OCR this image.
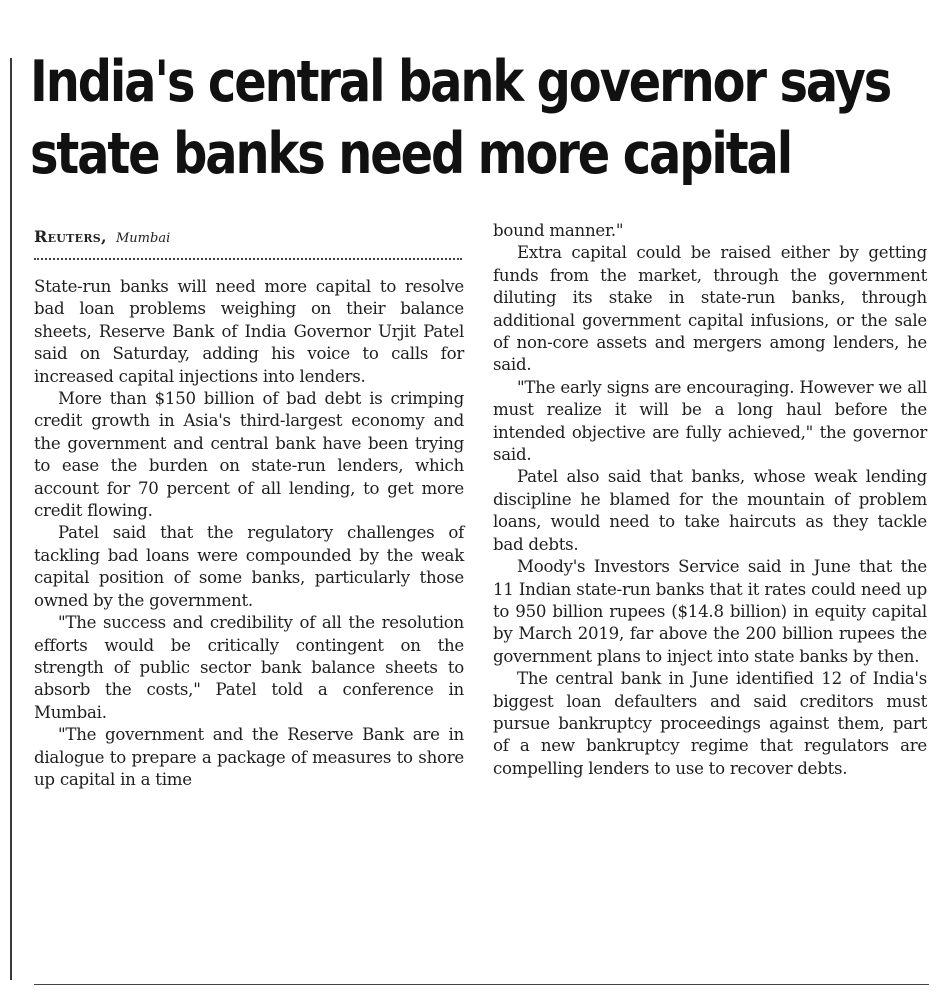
India's central bank governor says state banks need more capital
Reuters, Mumbai

State-run banks will need more capital to resolve bad loan problems weighing on their balance sheets, Reserve Bank of India Governor Urjit Patel said on Saturday, adding his voice to calls for increased capital injections into lenders.

More than $150 billion of bad debt is crimping credit growth in Asia's third-largest economy and the government and central bank have been trying to ease the burden on state-run lenders, which account for 70 percent of all lending, to get more credit flowing.

Patel said that the regulatory challenges of tackling bad loans were compounded by the weak capital position of some banks, particularly those owned by the government.

"The success and credibility of all the resolution efforts would be critically contingent on the strength of public sector bank balance sheets to absorb the costs," Patel told a conference in Mumbai.

"The government and the Reserve Bank are in dialogue to prepare a package of measures to shore up capital in a time

bound manner."

Extra capital could be raised either by getting funds from the market, through the government diluting its stake in state-run banks, through additional government capital infusions, or the sale of non-core assets and mergers among lenders, he said.

"The early signs are encouraging. However we all must realize it will be a long haul before the intended objective are fully achieved," the governor said.

Patel also said that banks, whose weak lending discipline he blamed for the mountain of problem loans, would need to take haircuts as they tackle bad debts.

Moody's Investors Service said in June that the 11 Indian state-run banks that it rates could need up to 950 billion rupees ($14.8 billion) in equity capital by March 2019, far above the 200 billion rupees the government plans to inject into state banks by then.

The central bank in June identified 12 of India's biggest loan defaulters and said creditors must pursue bankruptcy proceedings against them, part of a new bankruptcy regime that regulators are compelling lenders to use to recover debts.
